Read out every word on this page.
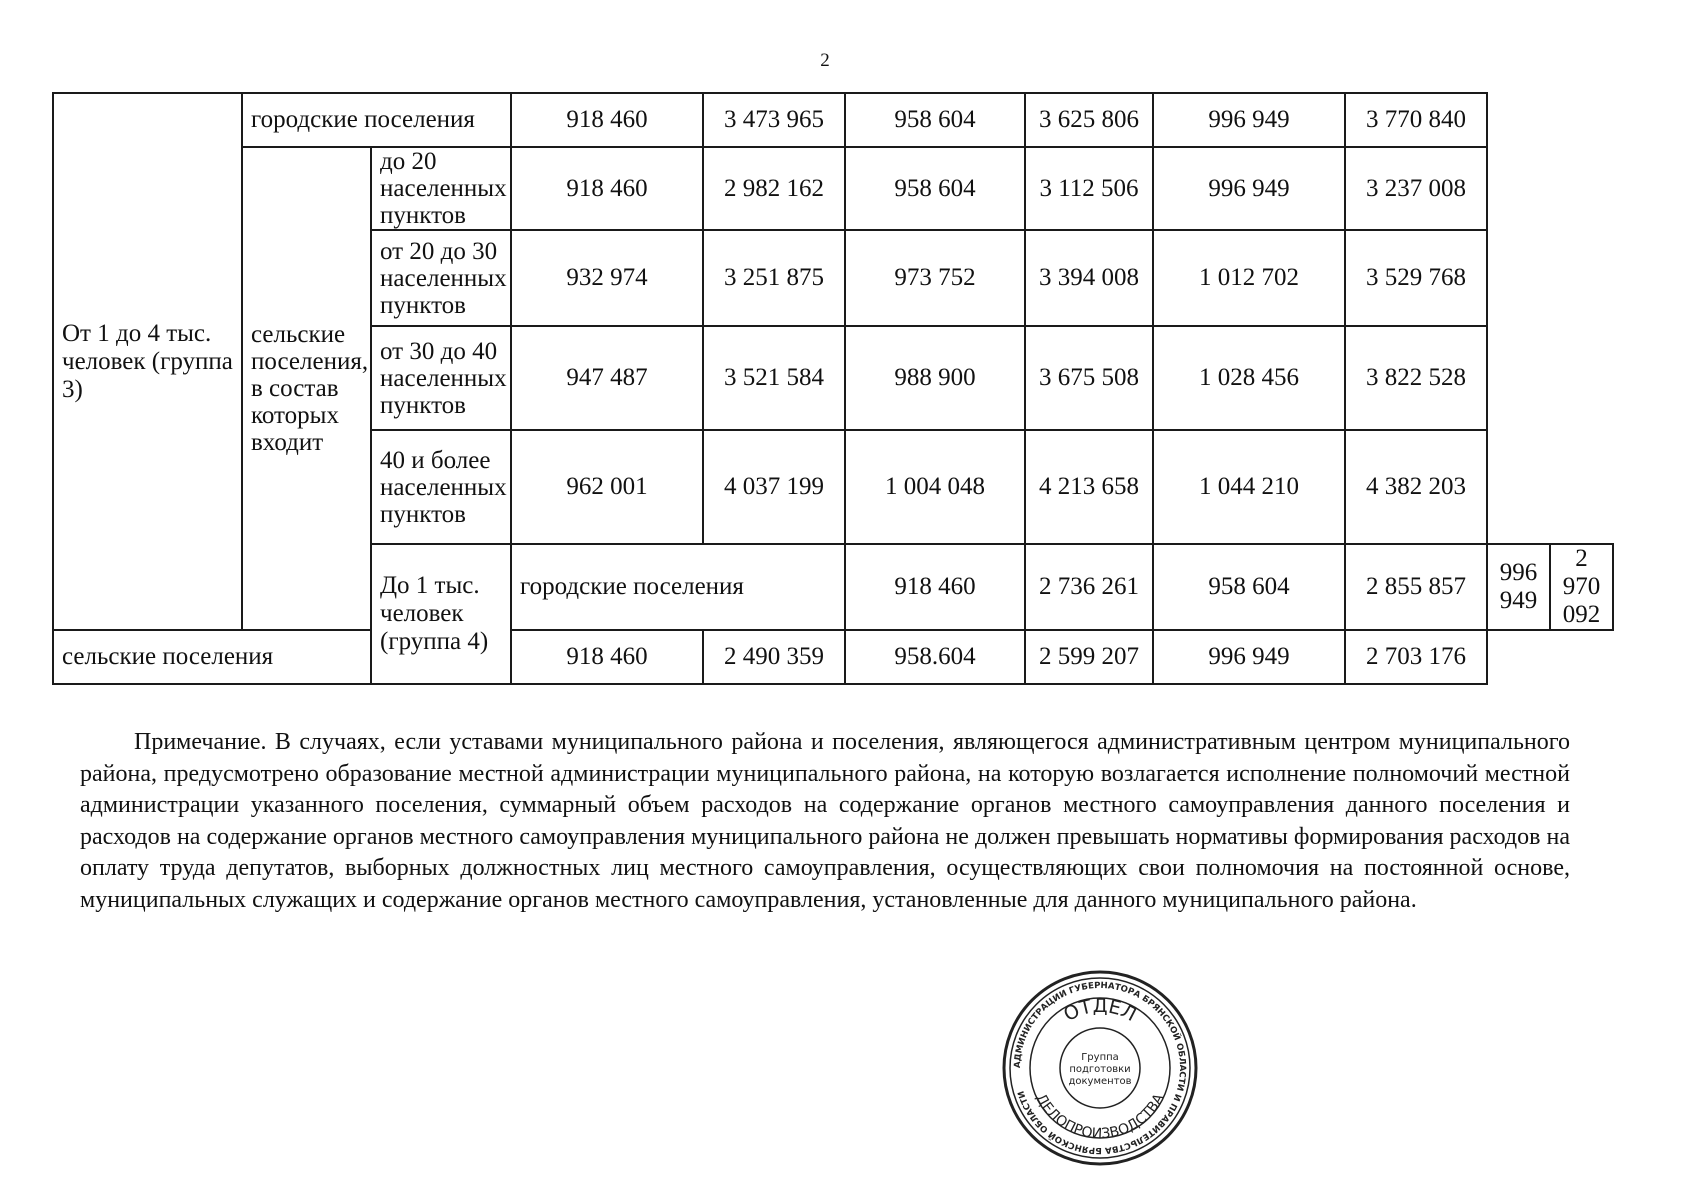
2
От 1 до 4 тыс. человек (группа 3)	городские поселения		918 460	3 473 965	958 604	3 625 806	996 949	3 770 840		
	сельские поселения, в состав которых входит	до 20 населенных пунктов	918 460	2 982 162	958 604	3 112 506	996 949	3 237 008		
		от 20 до 30 населенных пунктов	932 974	3 251 875	973 752	3 394 008	1 012 702	3 529 768		
		от 30 до 40 населенных пунктов	947 487	3 521 584	988 900	3 675 508	1 028 456	3 822 528		
		40 и более населенных пунктов	962 001	4 037 199	1 004 048	4 213 658	1 044 210	4 382 203		
		До 1 тыс. человек (группа 4)	городские поселения		918 460	2 736 261	958 604	2 855 857	996 949	2 970 092
сельские поселения			918 460	2 490 359	958.604	2 599 207	996 949	2 703 176		
Примечание. В случаях, если уставами муниципального района и поселения, являющегося административным центром муниципального района, предусмотрено образование местной администрации муниципального района, на которую возлагается исполнение полномочий местной администрации указанного поселения, суммарный объем расходов на содержание органов местного самоуправления данного поселения и расходов на содержание органов местного самоуправления муниципального района не должен превышать нормативы формирования расходов на оплату труда депутатов, выборных должностных лиц местного самоуправления, осуществляющих свои полномочия на постоянной основе, муниципальных служащих и содержание органов местного самоуправления, установленные для данного муниципального района.
АДМИНИСТРАЦИИ ГУБЕРНАТОРА БРЯНСКОЙ ОБЛАСТИ И ПРАВИТЕЛЬСТВА БРЯНСКОЙ ОБЛАСТИ
ОТДЕЛ
ДЕЛОПРОИЗВОДСТВА
Группа
подготовки
документов
